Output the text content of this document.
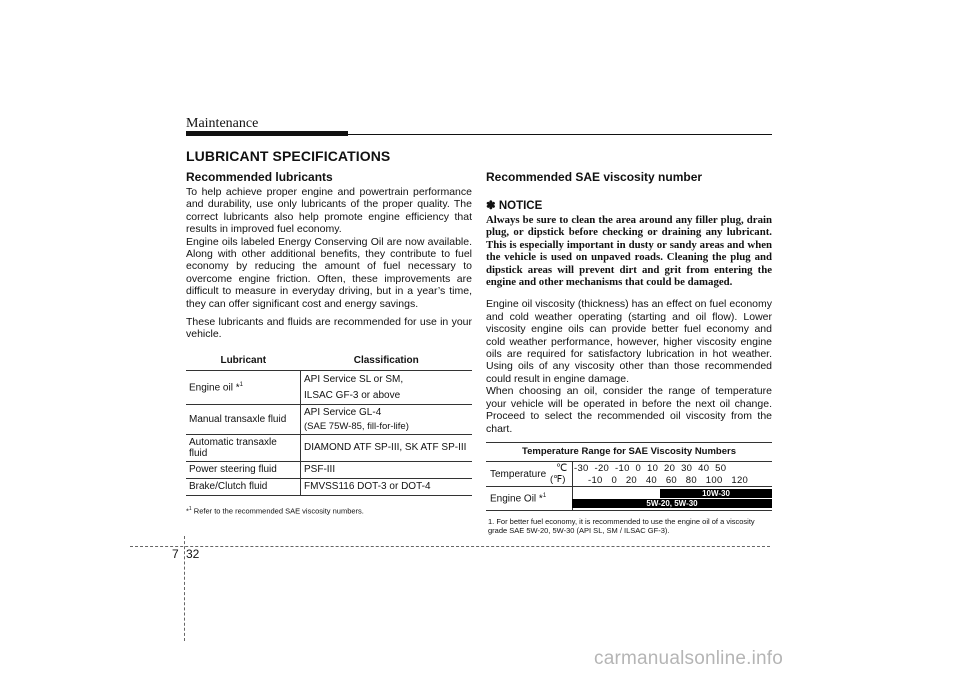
Maintenance
LUBRICANT SPECIFICATIONS
Recommended lubricants
To help achieve proper engine and powertrain performance and durability, use only lubricants of the proper quality. The correct lubricants also help promote engine efficiency that results in improved fuel economy.
Engine oils labeled Energy Conserving Oil are now available. Along with other additional benefits, they contribute to fuel economy by reducing the amount of fuel necessary to overcome engine friction. Often, these improvements are difficult to measure in everyday driving, but in a year’s time, they can offer significant cost and energy savings.
These lubricants and fluids are recommended for use in your vehicle.
Lubricant	Classification
Engine oil *$^1$	API Service SL or SM,
ILSAC GF-3 or above

Manual transaxle fluid	API Service GL-4
(SAE 75W-85, fill-for-life)

Automatic transaxle fluid	DIAMOND ATF SP-III, SK ATF SP-III
Power steering fluid	PSF-III
Brake/Clutch fluid	FMVSS116 DOT-3 or DOT-4
*$^1$ Refer to the recommended SAE viscosity numbers.
Recommended SAE viscosity number
✽ NOTICE
Always be sure to clean the area around any filler plug, drain plug, or dipstick before checking or draining any lubricant. This is especially important in dusty or sandy areas and when the vehicle is used on unpaved roads. Cleaning the plug and dipstick areas will prevent dirt and grit from entering the engine and other mechanisms that could be damaged.
Engine oil viscosity (thickness) has an effect on fuel economy and cold weather operating (starting and oil flow). Lower viscosity engine oils can provide better fuel economy and cold weather performance, however, higher viscosity engine oils are required for satisfactory lubrication in hot weather. Using oils of any viscosity other than those recommended could result in engine damage.
When choosing an oil, consider the range of temperature your vehicle will be operated in before the next oil change. Proceed to select the recommended oil viscosity from the chart.
Temperature Range for SAE Viscosity Numbers
Temperature
℃
(℉)
-30  -20  -10  0  10  20  30  40  50
-10   0   20   40   60   80   100   120
Engine Oil *$^1$	10W-30
5W-20, 5W-30
1. For better fuel economy, it is recommended to use the engine oil of a viscosity grade SAE 5W-20, 5W-30 (API SL, SM / ILSAC GF-3).
7 32
carmanualsonline.info
